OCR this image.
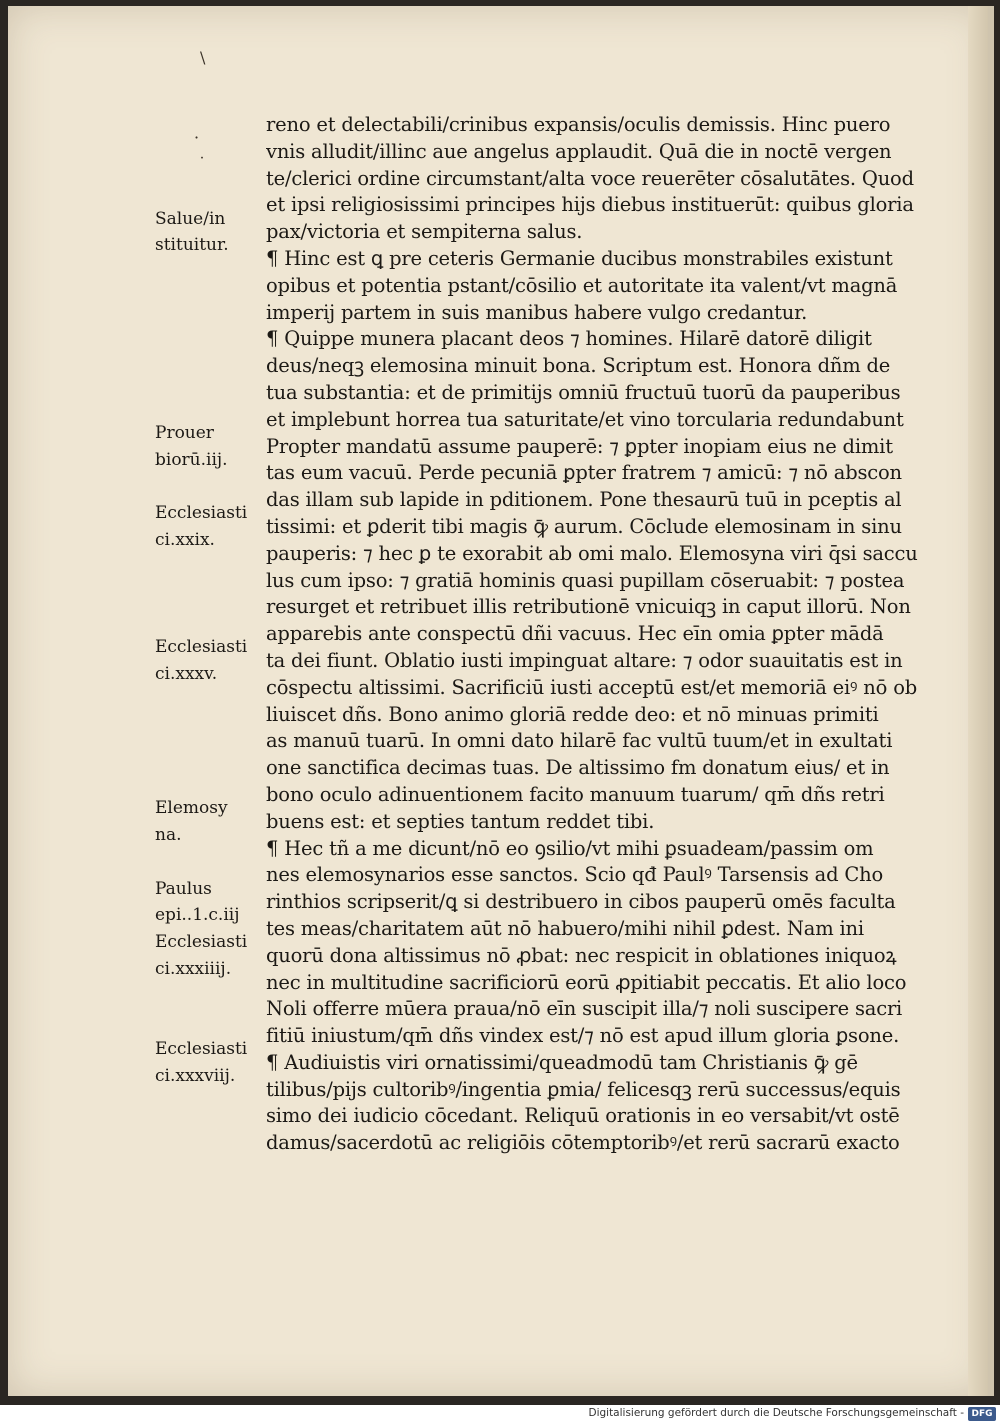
\
·
˙
reno et delectabili/crinibus expansis/oculis demissis. Hinc puero
vnis alludit/illinc aue angelus applaudit. Quā die in noctē vergen
te/clerici ordine circumstant/alta voce reuerēter cōsalutātes. Quod
et ipsi religiosissimi principes hijs diebus instituerūt: quibus gloria
pax/victoria et sempiterna salus.
¶ Hinc est ꝗ pre ceteris Germanie ducibus monstrabiles existunt
opibus et potentia pstant/cōsilio et autoritate ita valent/vt magnā
imperij partem in suis manibus habere vulgo credantur.
¶ Quippe munera placant deos ⁊ homines. Hilarē datorē diligit
deus/neqꝫ elemosina minuit bona. Scriptum est. Honora dñm de
tua substantia: et de primitijs omniū fructuū tuorū da pauperibus
et implebunt horrea tua saturitate/et vino torcularia redundabunt
Propter mandatū assume pauperē: ⁊ ꝑpter inopiam eius ne dimit
tas eum vacuū. Perde pecuniā ꝑpter fratrem ⁊ amicū: ⁊ nō abscon
das illam sub lapide in pditionem. Pone thesaurū tuū in pceptis al
tissimi: et ꝑderit tibi magis ꝙ̄ aurum. Cōclude elemosinam in sinu
pauperis: ⁊ hec ꝑ te exorabit ab omi malo. Elemosyna viri q̄si saccu
lus cum ipso: ⁊ gratiā hominis quasi pupillam cōseruabit: ⁊ postea
resurget et retribuet illis retributionē vnicuiqꝫ in caput illorū. Non
apparebis ante conspectū dñi vacuus. Hec eīn omia ꝑpter mādā
ta dei fiunt. Oblatio iusti impinguat altare: ⁊ odor suauitatis est in
cōspectu altissimi. Sacrificiū iusti acceptū est/et memoriā eiꝰ nō ob
liuiscet dñs. Bono animo gloriā redde deo: et nō minuas primiti
as manuū tuarū. In omni dato hilarē fac vultū tuum/et in exultati
one sanctifica decimas tuas. De altissimo fm donatum eius/ et in
bono oculo adinuentionem facito manuum tuarum/ qm̄ dñs retri
buens est: et septies tantum reddet tibi.
¶ Hec tñ a me dicunt/nō eo ꝯsilio/vt mihi ꝑsuadeam/passim om
nes elemosynarios esse sanctos. Scio qđ Paulꝰ Tarsensis ad Cho
rinthios scripserit/ꝗ si destribuero in cibos pauperū omēs faculta
tes meas/charitatem aūt nō habuero/mihi nihil ꝑdest. Nam ini
quorū dona altissimus nō ꝓbat: nec respicit in oblationes iniquoꝝ
nec in multitudine sacrificiorū eorū ꝓpitiabit peccatis. Et alio loco
Noli offerre mūera praua/nō eīn suscipit illa/⁊ noli suscipere sacri
fitiū iniustum/qm̄ dñs vindex est/⁊ nō est apud illum gloria ꝑsone.
¶ Audiuistis viri ornatissimi/queadmodū tam Christianis ꝙ̄ gē
tilibus/pijs cultoribꝰ/ingentia ꝑmia/ felicesqꝫ rerū successus/equis
simo dei iudicio cōcedant. Reliquū orationis in eo versabit/vt ostē
damus/sacerdotū ac religiōis cōtemptoribꝰ/et rerū sacrarū exacto
Salue/in
stituitur.
Prouer
biorū.iij.
Ecclesiasti
ci.xxix.
Ecclesiasti
ci.xxxv.
Elemosy
na.
Paulus
epi..1.c.iij
Ecclesiasti
ci.xxxiiij.
Ecclesiasti
ci.xxxviij.
Digitalisierung gefördert durch die Deutsche Forschungsgemeinschaft - DFG
